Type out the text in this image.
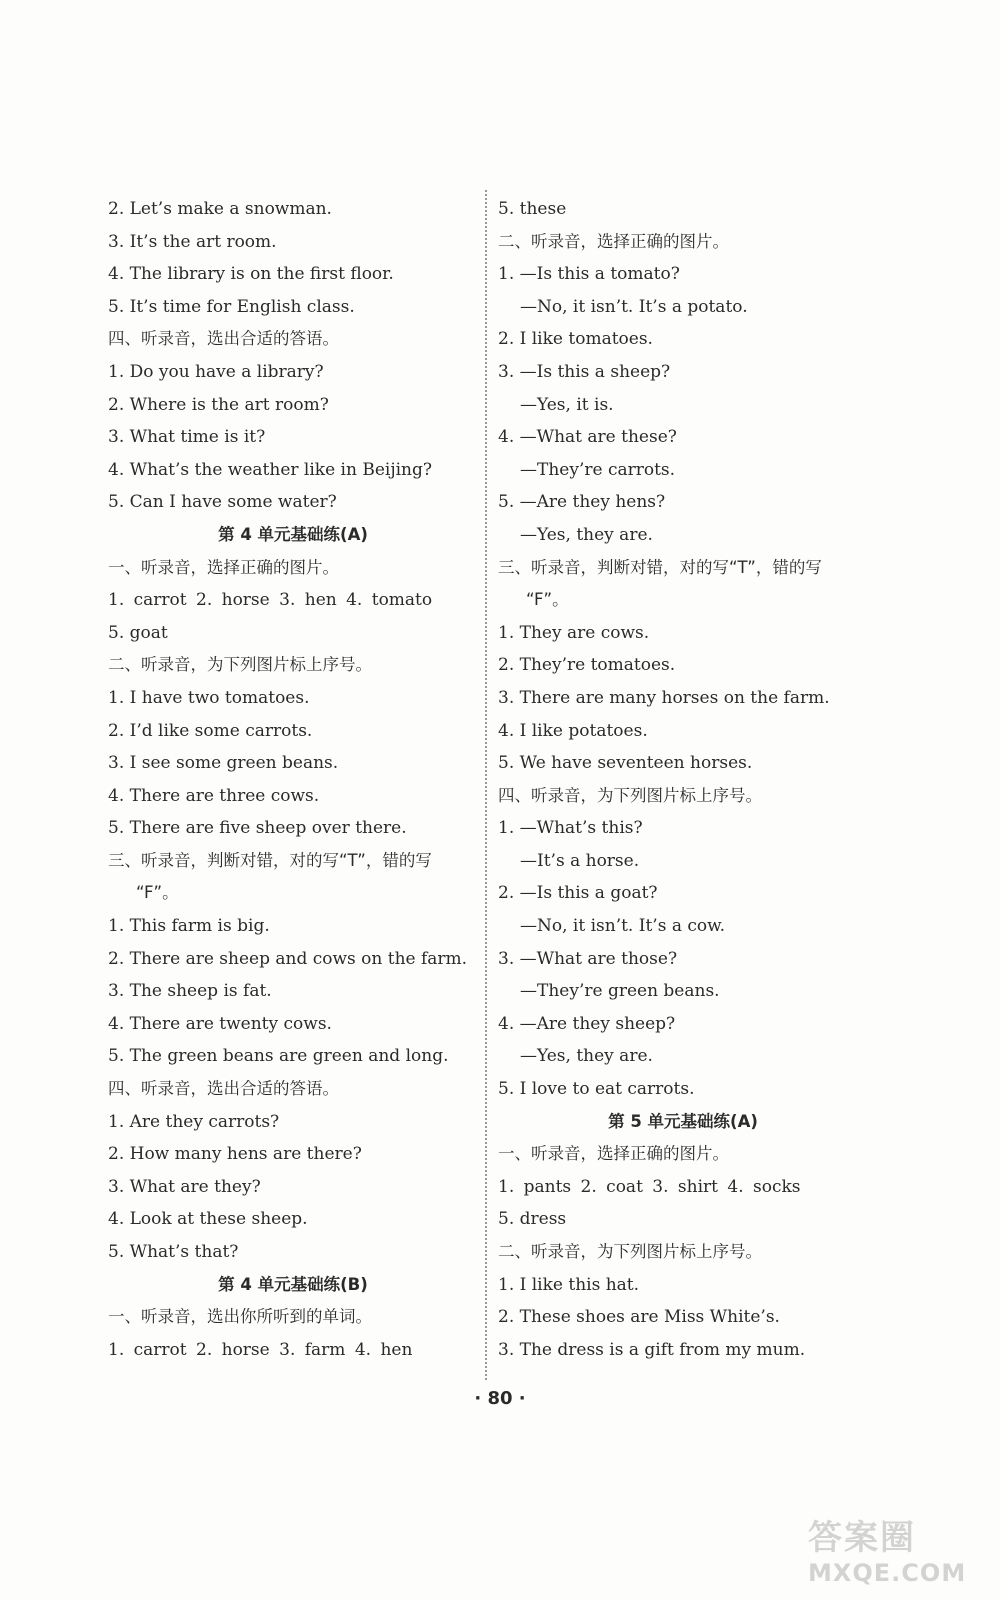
2. Let’s make a snowman.
3. It’s the art room.
4. The library is on the first floor.
5. It’s time for English class.
四、听录音，选出合适的答语。
1. Do you have a library?
2. Where is the art room?
3. What time is it?
4. What’s the weather like in Beijing?
5. Can I have some water?
第 4 单元基础练(A)
一、听录音，选择正确的图片。
1. carrot 2. horse 3. hen 4. tomato
5. goat
二、听录音，为下列图片标上序号。
1. I have two tomatoes.
2. I’d like some carrots.
3. I see some green beans.
4. There are three cows.
5. There are five sheep over there.
三、听录音，判断对错，对的写“T”，错的写
“F”。
1. This farm is big.
2. There are sheep and cows on the farm.
3. The sheep is fat.
4. There are twenty cows.
5. The green beans are green and long.
四、听录音，选出合适的答语。
1. Are they carrots?
2. How many hens are there?
3. What are they?
4. Look at these sheep.
5. What’s that?
第 4 单元基础练(B)
一、听录音，选出你所听到的单词。
1. carrot 2. horse 3. farm 4. hen
5. these
二、听录音，选择正确的图片。
1. —Is this a tomato?
—No, it isn’t. It’s a potato.
2. I like tomatoes.
3. —Is this a sheep?
—Yes, it is.
4. —What are these?
—They’re carrots.
5. —Are they hens?
—Yes, they are.
三、听录音，判断对错，对的写“T”，错的写
“F”。
1. They are cows.
2. They’re tomatoes.
3. There are many horses on the farm.
4. I like potatoes.
5. We have seventeen horses.
四、听录音，为下列图片标上序号。
1. —What’s this?
—It’s a horse.
2. —Is this a goat?
—No, it isn’t. It’s a cow.
3. —What are those?
—They’re green beans.
4. —Are they sheep?
—Yes, they are.
5. I love to eat carrots.
第 5 单元基础练(A)
一、听录音，选择正确的图片。
1. pants 2. coat 3. shirt 4. socks
5. dress
二、听录音，为下列图片标上序号。
1. I like this hat.
2. These shoes are Miss White’s.
3. The dress is a gift from my mum.
· 80 ·
答案圈
MXQE.COM
